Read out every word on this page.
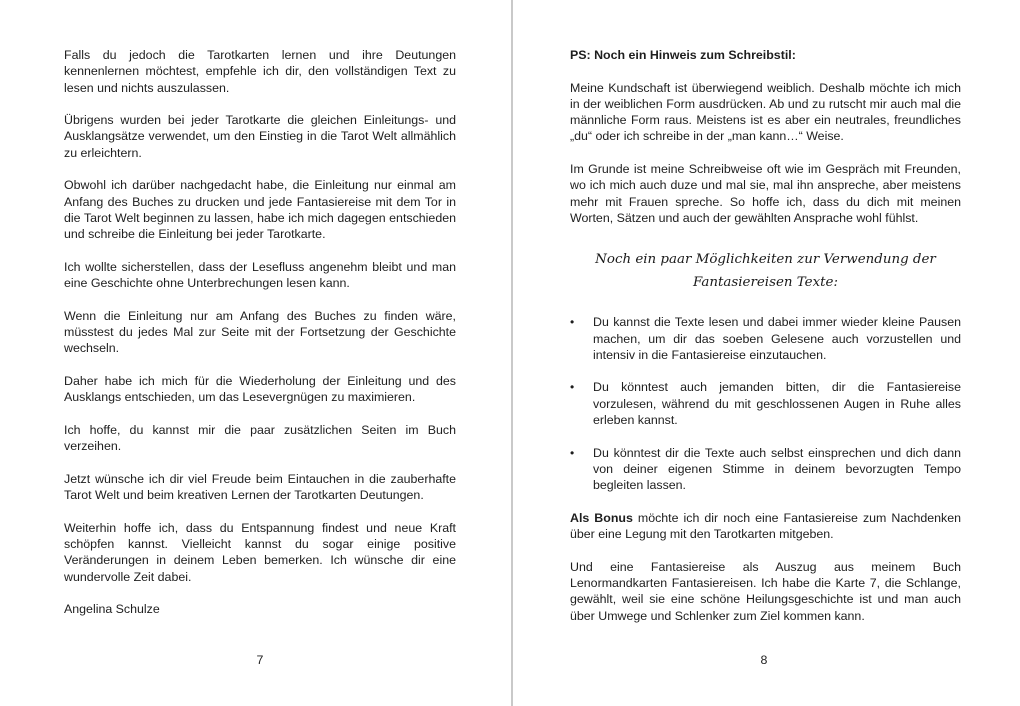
Falls du jedoch die Tarotkarten lernen und ihre Deutungen kennenlernen möchtest, empfehle ich dir, den vollständigen Text zu lesen und nichts auszulassen.

Übrigens wurden bei jeder Tarotkarte die gleichen Einleitungs- und Ausklangsätze verwendet, um den Einstieg in die Tarot Welt allmählich zu erleichtern.

Obwohl ich darüber nachgedacht habe, die Einleitung nur einmal am Anfang des Buches zu drucken und jede Fantasiereise mit dem Tor in die Tarot Welt beginnen zu lassen, habe ich mich dagegen entschieden und schreibe die Einleitung bei jeder Tarotkarte.

Ich wollte sicherstellen, dass der Lesefluss angenehm bleibt und man eine Geschichte ohne Unterbrechungen lesen kann.

Wenn die Einleitung nur am Anfang des Buches zu finden wäre, müsstest du jedes Mal zur Seite mit der Fortsetzung der Geschichte wechseln.

Daher habe ich mich für die Wiederholung der Einleitung und des Ausklangs entschieden, um das Lesevergnügen zu maximieren.

Ich hoffe, du kannst mir die paar zusätzlichen Seiten im Buch verzeihen.

Jetzt wünsche ich dir viel Freude beim Eintauchen in die zauberhafte Tarot Welt und beim kreativen Lernen der Tarotkarten Deutungen.

Weiterhin hoffe ich, dass du Entspannung findest und neue Kraft schöpfen kannst. Vielleicht kannst du sogar einige positive Veränderungen in deinem Leben bemerken. Ich wünsche dir eine wundervolle Zeit dabei.

Angelina Schulze

7

PS: Noch ein Hinweis zum Schreibstil:

Meine Kundschaft ist überwiegend weiblich. Deshalb möchte ich mich in der weiblichen Form ausdrücken. Ab und zu rutscht mir auch mal die männliche Form raus. Meistens ist es aber ein neutrales, freundliches „du“ oder ich schreibe in der „man kann…“ Weise.

Im Grunde ist meine Schreibweise oft wie im Gespräch mit Freunden, wo ich mich auch duze und mal sie, mal ihn anspreche, aber meistens mehr mit Frauen spreche. So hoffe ich, dass du dich mit meinen Worten, Sätzen und auch der gewählten Ansprache wohl fühlst.

Noch ein paar Möglichkeiten zur Verwendung der
Fantasiereisen Texte:
• Du kannst die Texte lesen und dabei immer wieder kleine Pausen machen, um dir das soeben Gelesene auch vorzustellen und intensiv in die Fantasiereise einzutauchen.
• Du könntest auch jemanden bitten, dir die Fantasiereise vorzulesen, während du mit geschlossenen Augen in Ruhe alles erleben kannst.
• Du könntest dir die Texte auch selbst einsprechen und dich dann von deiner eigenen Stimme in deinem bevorzugten Tempo begleiten lassen.

Als Bonus möchte ich dir noch eine Fantasiereise zum Nachdenken über eine Legung mit den Tarotkarten mitgeben.

Und eine Fantasiereise als Auszug aus meinem Buch Lenormandkarten Fantasiereisen. Ich habe die Karte 7, die Schlange, gewählt, weil sie eine schöne Heilungsgeschichte ist und man auch über Umwege und Schlenker zum Ziel kommen kann.

8
